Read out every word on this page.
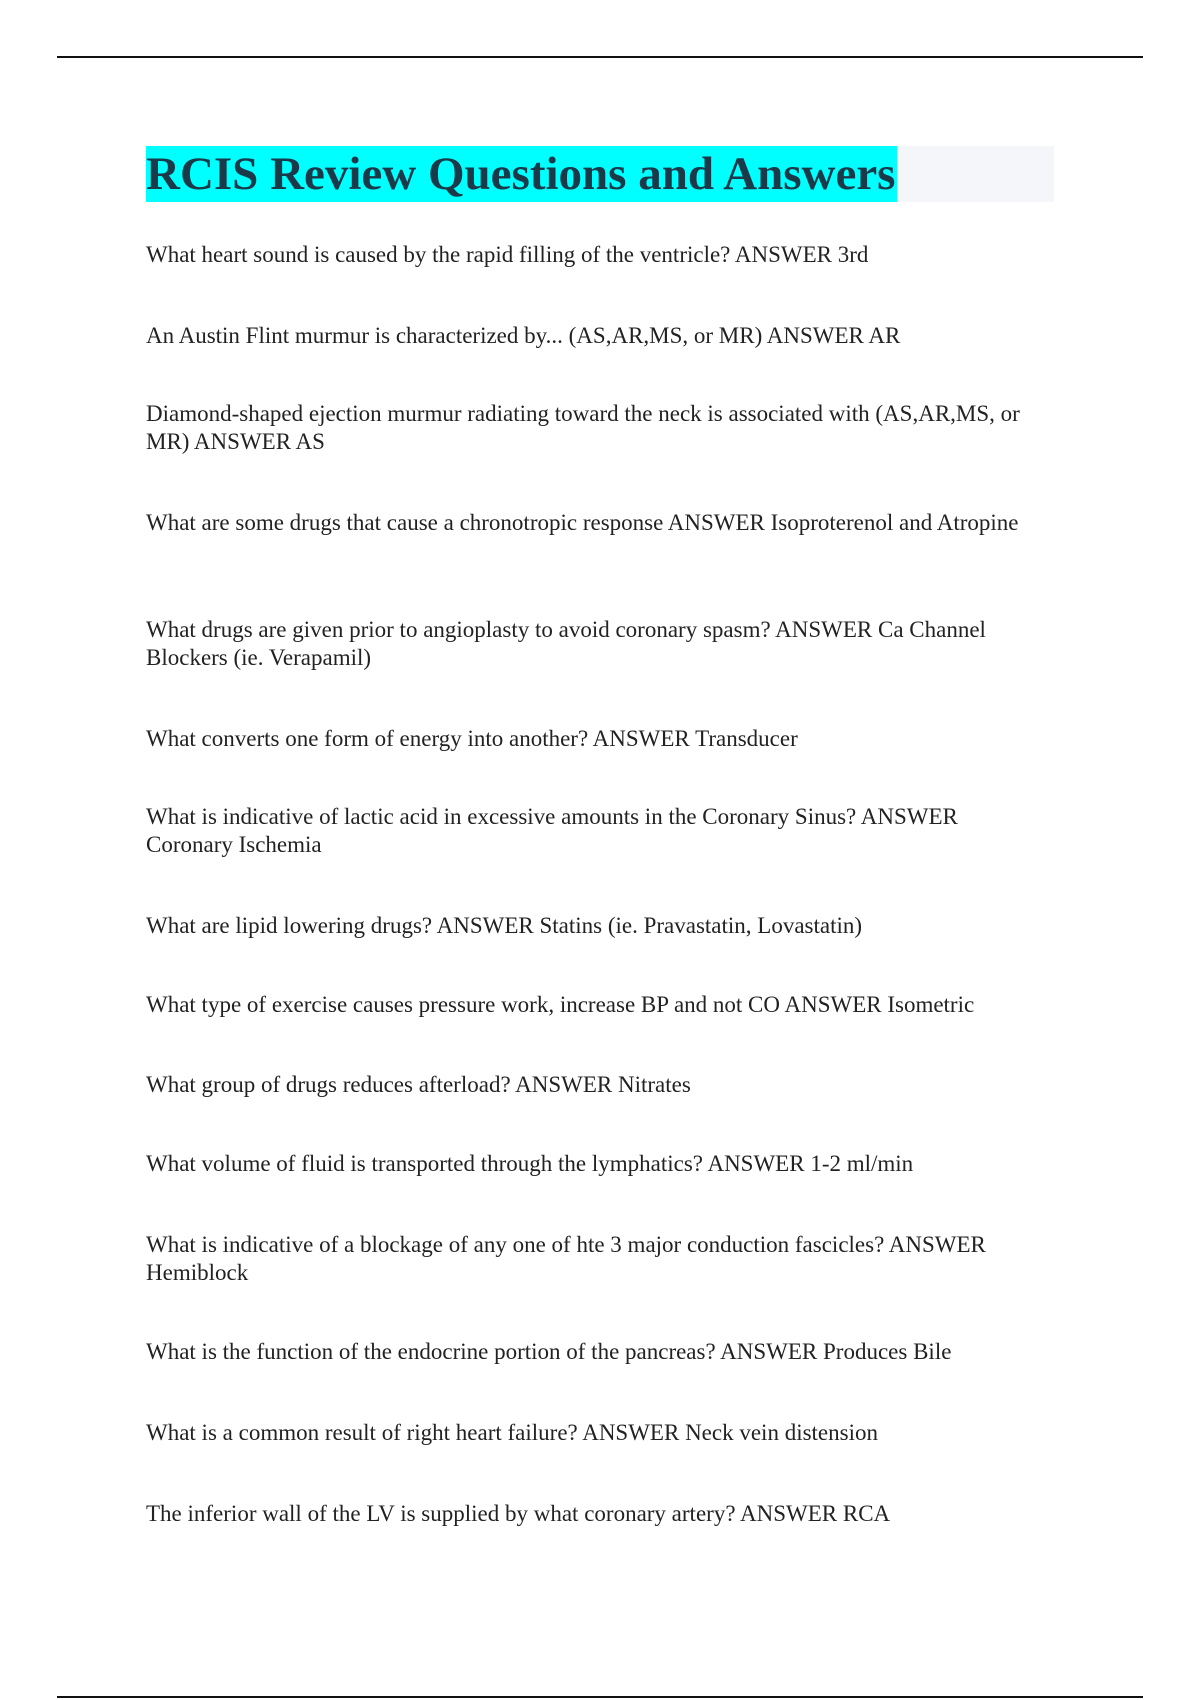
RCIS Review Questions and Answers
What heart sound is caused by the rapid filling of the ventricle? ANSWER 3rd
An Austin Flint murmur is characterized by... (AS,AR,MS, or MR) ANSWER AR
Diamond-shaped ejection murmur radiating toward the neck is associated with (AS,AR,MS, or MR) ANSWER AS
What are some drugs that cause a chronotropic response ANSWER Isoproterenol and Atropine
What drugs are given prior to angioplasty to avoid coronary spasm? ANSWER Ca Channel Blockers (ie. Verapamil)
What converts one form of energy into another? ANSWER Transducer
What is indicative of lactic acid in excessive amounts in the Coronary Sinus? ANSWER Coronary Ischemia
What are lipid lowering drugs? ANSWER Statins (ie. Pravastatin, Lovastatin)
What type of exercise causes pressure work, increase BP and not CO ANSWER Isometric
What group of drugs reduces afterload? ANSWER Nitrates
What volume of fluid is transported through the lymphatics? ANSWER 1-2 ml/min
What is indicative of a blockage of any one of hte 3 major conduction fascicles? ANSWER Hemiblock
What is the function of the endocrine portion of the pancreas? ANSWER Produces Bile
What is a common result of right heart failure? ANSWER Neck vein distension
The inferior wall of the LV is supplied by what coronary artery? ANSWER RCA
